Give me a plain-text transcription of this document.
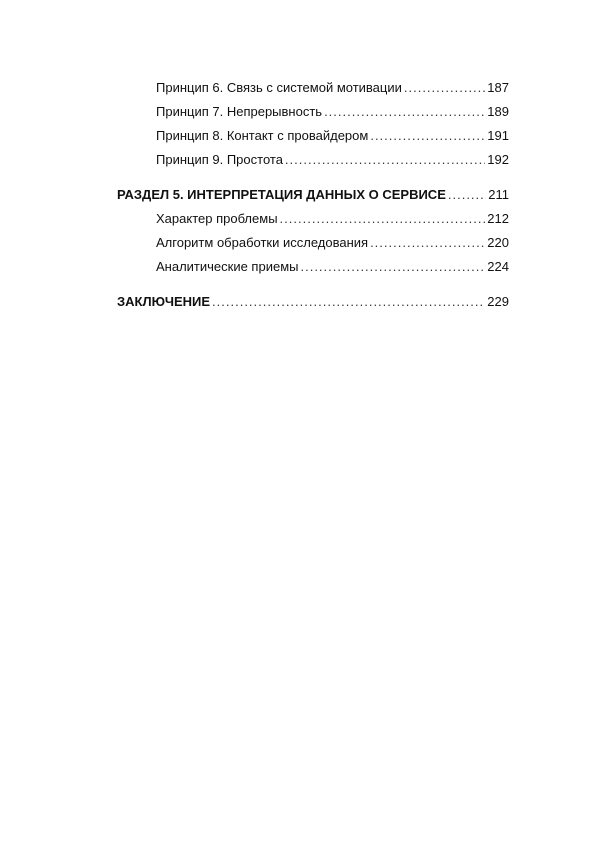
Принцип 6. Связь с системой мотивации .....	187
Принцип 7. Непрерывность .....	189
Принцип 8. Контакт с провайдером .....	191
Принцип 9. Простота .....	192
РАЗДЕЛ 5. ИНТЕРПРЕТАЦИЯ ДАННЫХ О СЕРВИСЕ .....	211
Характер проблемы .....	212
Алгоритм обработки исследования .....	220
Аналитические приемы .....	224
ЗАКЛЮЧЕНИЕ .....	229
